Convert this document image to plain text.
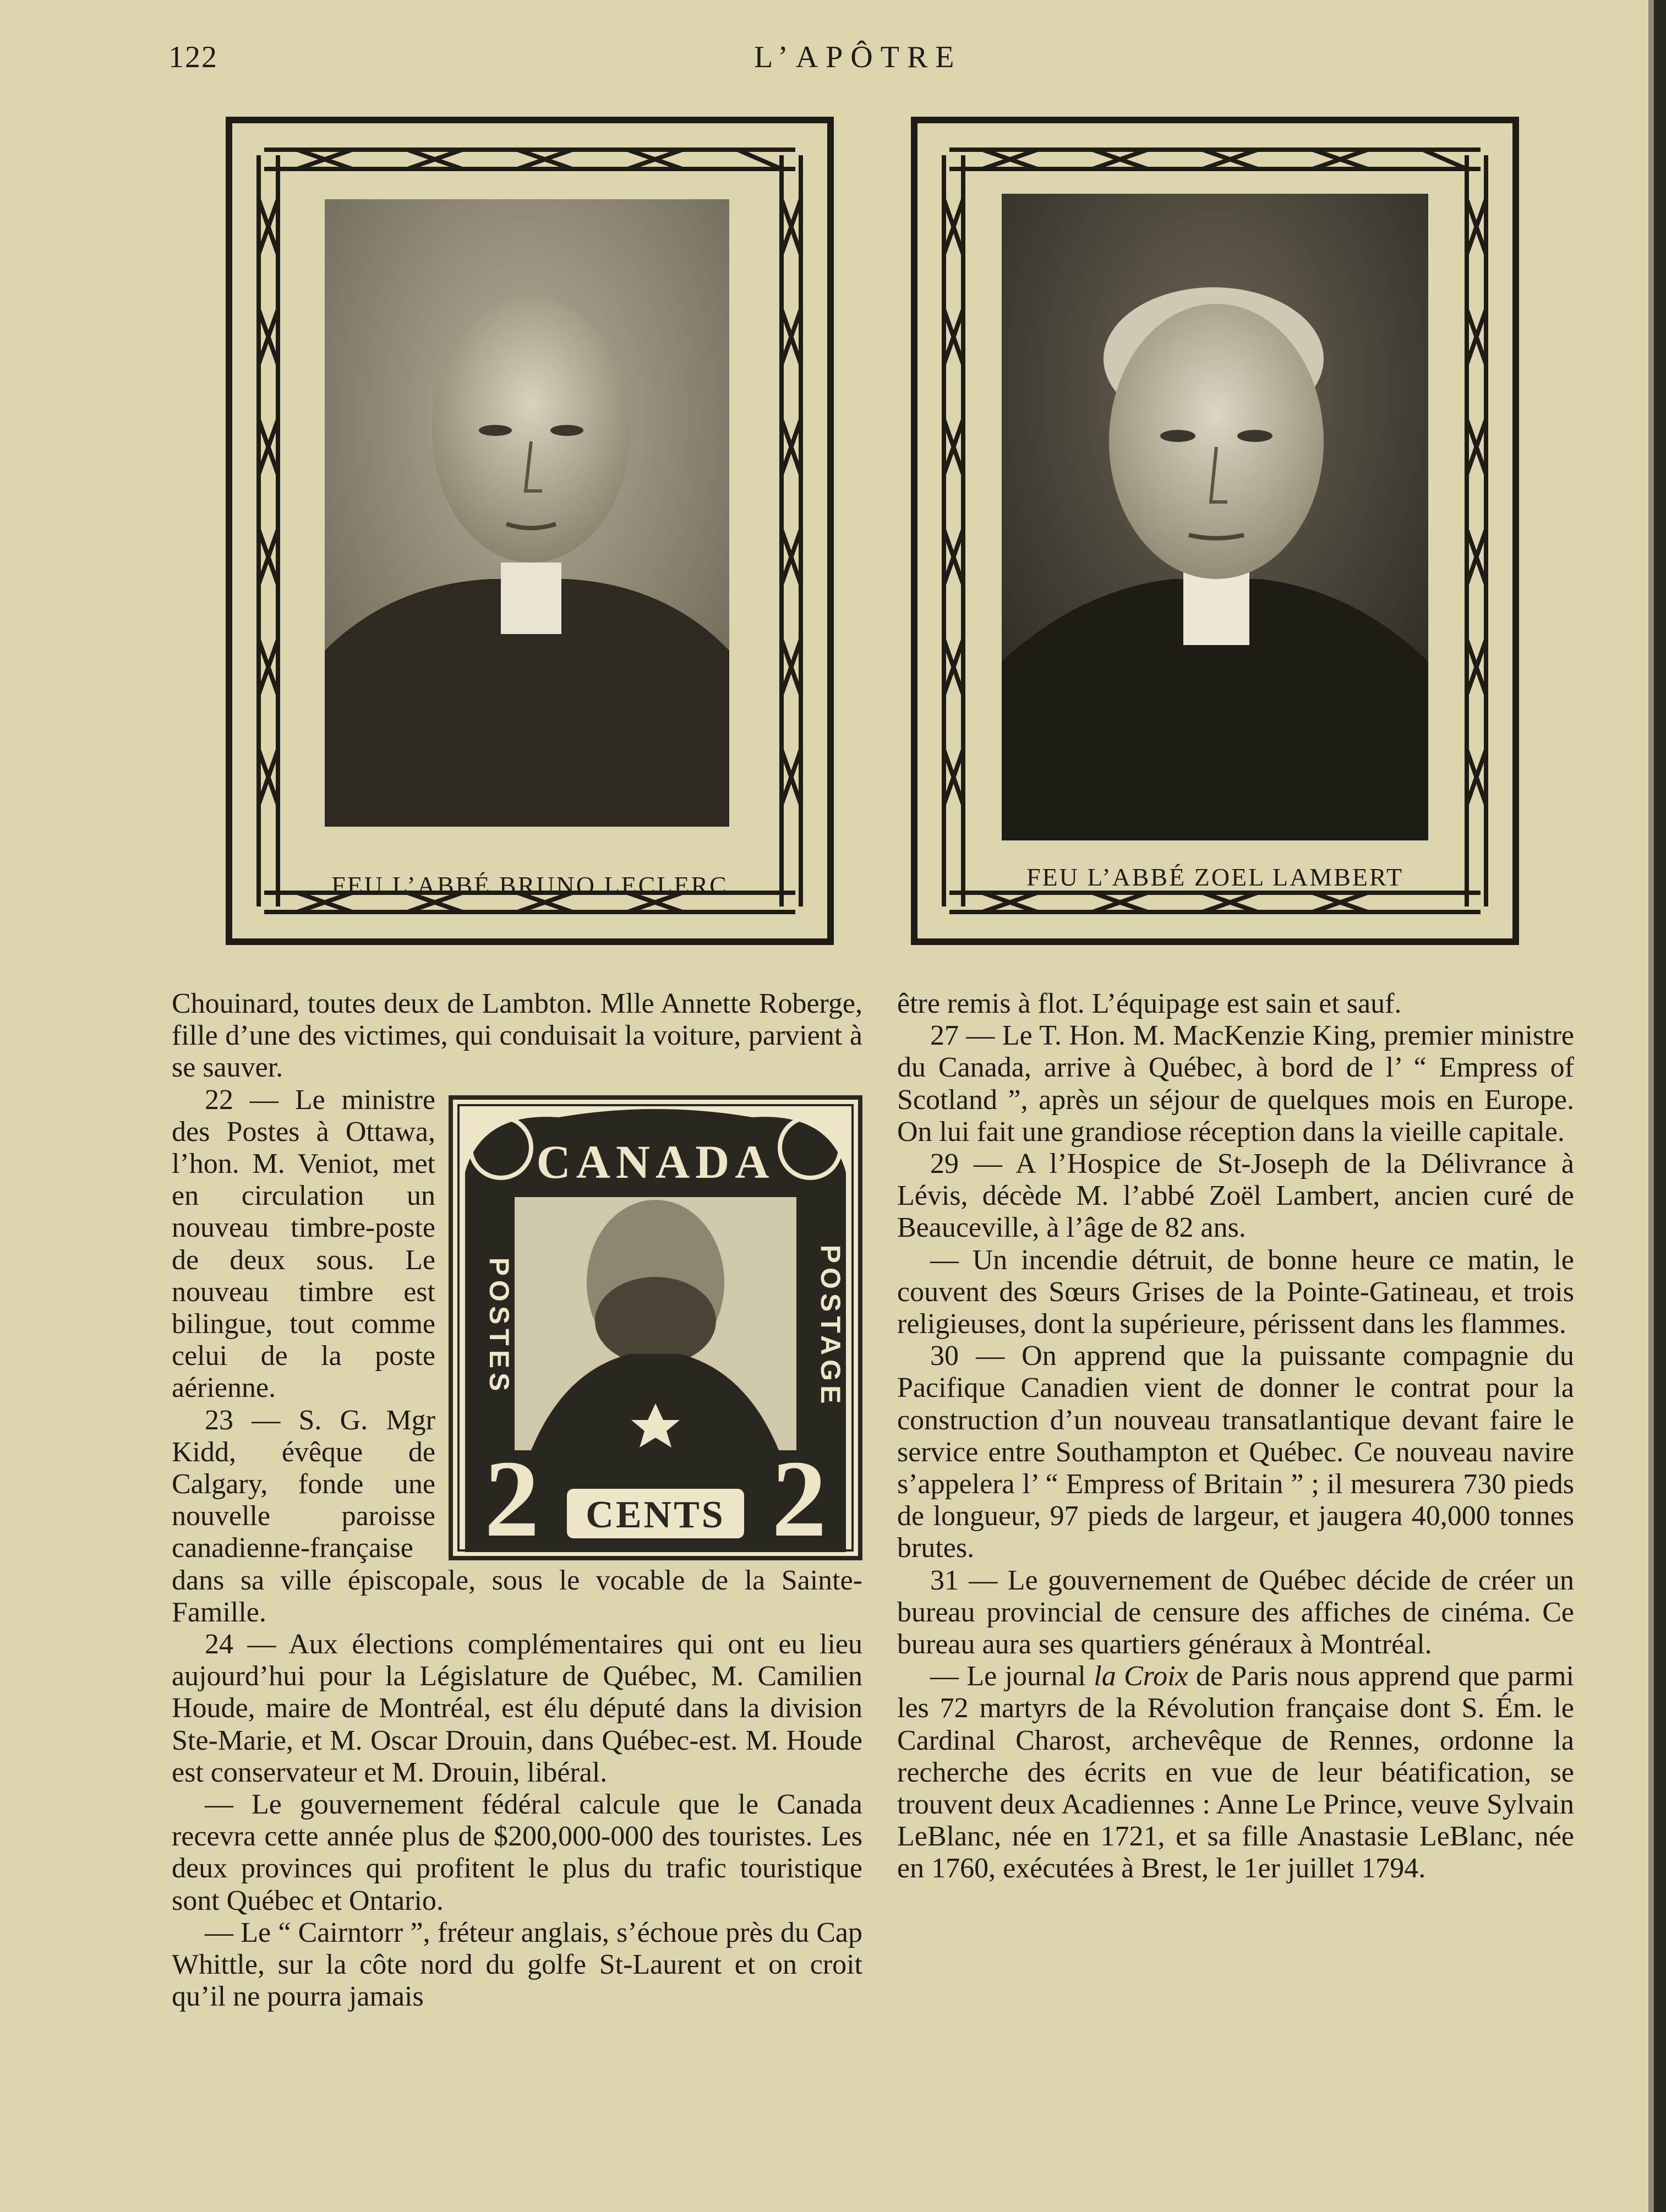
122	L’APÔTRE
FEU L’ABBÉ BRUNO LECLERC	FEU L’ABBÉ ZOEL LAMBERT

Chouinard, toutes deux de Lambton. Mlle Annette Roberge, fille d’une des victimes, qui conduisait la voiture, parvient à se sauver.

CANADA
POSTES	POSTAGE
2 2
CENTS

22 — Le ministre des Postes à Ottawa, l’hon. M. Veniot, met en circulation un nouveau timbre-poste de deux sous. Le nouveau timbre est bilingue, tout comme celui de la poste aérienne.

23 — S. G. Mgr Kidd, évêque de Calgary, fonde une nouvelle paroisse canadienne-française dans sa ville épiscopale, sous le vocable de la Sainte-Famille.

24 — Aux élections complémentaires qui ont eu lieu aujourd’hui pour la Législature de Québec, M. Camilien Houde, maire de Montréal, est élu député dans la division Ste-Marie, et M. Oscar Drouin, dans Québec-est. M. Houde est conservateur et M. Drouin, libéral.

— Le gouvernement fédéral calcule que le Canada recevra cette année plus de $200,000-000 des touristes. Les deux provinces qui profitent le plus du trafic touristique sont Québec et Ontario.

— Le “ Cairntorr ”, fréteur anglais, s’échoue près du Cap Whittle, sur la côte nord du golfe St-Laurent et on croit qu’il ne pourra jamais

être remis à flot. L’équipage est sain et sauf.

27 — Le T. Hon. M. MacKenzie King, premier ministre du Canada, arrive à Québec, à bord de l’ “ Empress of Scotland ”, après un séjour de quelques mois en Europe. On lui fait une grandiose réception dans la vieille capitale.

29 — A l’Hospice de St-Joseph de la Délivrance à Lévis, décède M. l’abbé Zoël Lambert, ancien curé de Beauceville, à l’âge de 82 ans.

— Un incendie détruit, de bonne heure ce matin, le couvent des Sœurs Grises de la Pointe-Gatineau, et trois religieuses, dont la supérieure, périssent dans les flammes.

30 — On apprend que la puissante compagnie du Pacifique Canadien vient de donner le contrat pour la construction d’un nouveau transatlantique devant faire le service entre Southampton et Québec. Ce nouveau navire s’appelera l’ “ Empress of Britain ” ; il mesurera 730 pieds de longueur, 97 pieds de largeur, et jaugera 40,000 tonnes brutes.

31 — Le gouvernement de Québec décide de créer un bureau provincial de censure des affiches de cinéma. Ce bureau aura ses quartiers généraux à Montréal.

— Le journal la Croix de Paris nous apprend que parmi les 72 martyrs de la Révolution française dont S. Ém. le Cardinal Charost, archevêque de Rennes, ordonne la recherche des écrits en vue de leur béatification, se trouvent deux Acadiennes : Anne Le Prince, veuve Sylvain LeBlanc, née en 1721, et sa fille Anastasie LeBlanc, née en 1760, exécutées à Brest, le 1er juillet 1794.
